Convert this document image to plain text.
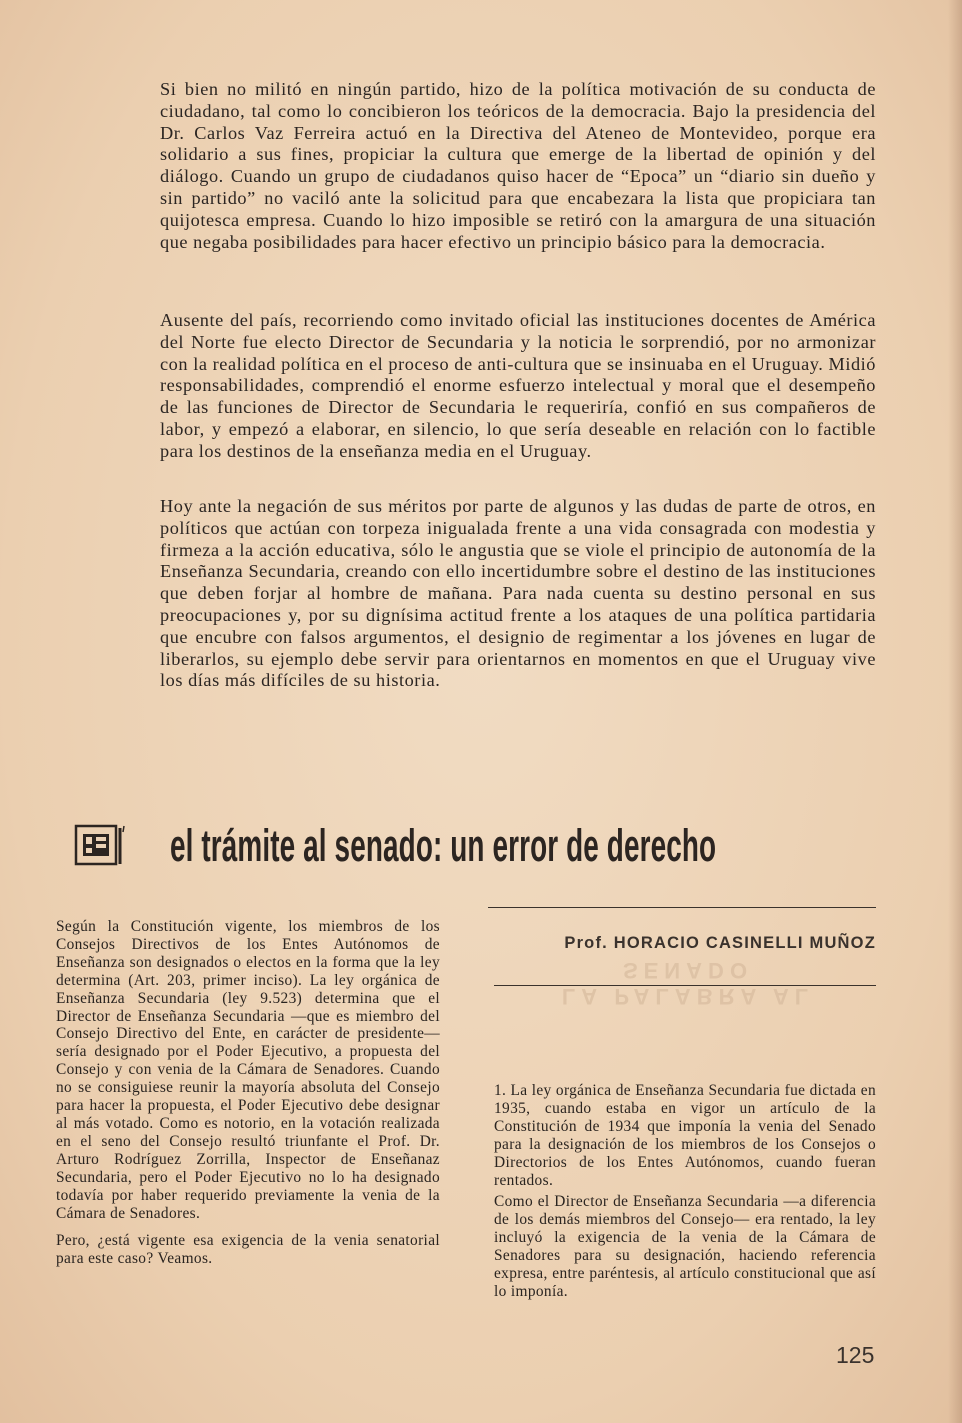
Si bien no militó en ningún partido, hizo de la política motivación de su conducta de ciudadano, tal como lo concibieron los teóricos de la democracia. Bajo la presidencia del Dr. Carlos Vaz Ferreira actuó en la Directiva del Ateneo de Montevideo, porque era solidario a sus fines, propiciar la cultura que emerge de la libertad de opinión y del diálogo. Cuando un grupo de ciudadanos quiso hacer de “Epoca” un “diario sin dueño y sin partido” no vaciló ante la solicitud para que encabezara la lista que propiciara tan quijotesca empresa. Cuando lo hizo imposible se retiró con la amargura de una situación que negaba posibilidades para hacer efectivo un principio básico para la democracia.

Ausente del país, recorriendo como invitado oficial las instituciones docentes de América del Norte fue electo Director de Secundaria y la noticia le sorprendió, por no armonizar con la realidad política en el proceso de anti-cultura que se insinuaba en el Uruguay. Midió responsabilidades, comprendió el enorme esfuerzo intelectual y moral que el desempeño de las funciones de Director de Secundaria le requeriría, confió en sus compañeros de labor, y empezó a elaborar, en silencio, lo que sería deseable en relación con lo factible para los destinos de la enseñanza media en el Uruguay.

Hoy ante la negación de sus méritos por parte de algunos y las dudas de parte de otros, en políticos que actúan con torpeza inigualada frente a una vida consagrada con modestia y firmeza a la acción educativa, sólo le angustia que se viole el principio de autonomía de la Enseñanza Secundaria, creando con ello incertidumbre sobre el destino de las instituciones que deben forjar al hombre de mañana. Para nada cuenta su destino personal en sus preocupaciones y, por su dignísima actitud frente a los ataques de una política partidaria que encubre con falsos argumentos, el designio de regimentar a los jóvenes en lugar de liberarlos, su ejemplo debe servir para orientarnos en momentos en que el Uruguay vive los días más difíciles de su historia.

el trámite al senado: un error de derecho

Según la Constitución vigente, los miembros de los Consejos Directivos de los Entes Autónomos de Enseñanza son designados o electos en la forma que la ley determina (Art. 203, primer inciso). La ley orgánica de Enseñanza Secundaria (ley 9.523) determina que el Director de Enseñanza Secundaria —que es miembro del Consejo Directivo del Ente, en carácter de presidente— sería designado por el Poder Ejecutivo, a propuesta del Consejo y con venia de la Cámara de Senadores. Cuando no se consiguiese reunir la mayoría absoluta del Consejo para hacer la propuesta, el Poder Ejecutivo debe designar al más votado. Como es notorio, en la votación realizada en el seno del Consejo resultó triunfante el Prof. Dr. Arturo Rodríguez Zorrilla, Inspector de Enseñanaz Secundaria, pero el Poder Ejecutivo no lo ha designado todavía por haber requerido previamente la venia de la Cámara de Senadores.

Pero, ¿está vigente esa exigencia de la venia senatorial para este caso? Veamos.

Prof. HORACIO CASINELLI MUÑOZ

LA PALABRA AL SENADO

1. La ley orgánica de Enseñanza Secundaria fue dictada en 1935, cuando estaba en vigor un artículo de la Constitución de 1934 que imponía la venia del Senado para la designación de los miembros de los Consejos o Directorios de los Entes Autónomos, cuando fueran rentados.

Como el Director de Enseñanza Secundaria —a diferencia de los demás miembros del Consejo— era rentado, la ley incluyó la exigencia de la venia de la Cámara de Senadores para su designación, haciendo referencia expresa, entre paréntesis, al artículo constitucional que así lo imponía.

125
